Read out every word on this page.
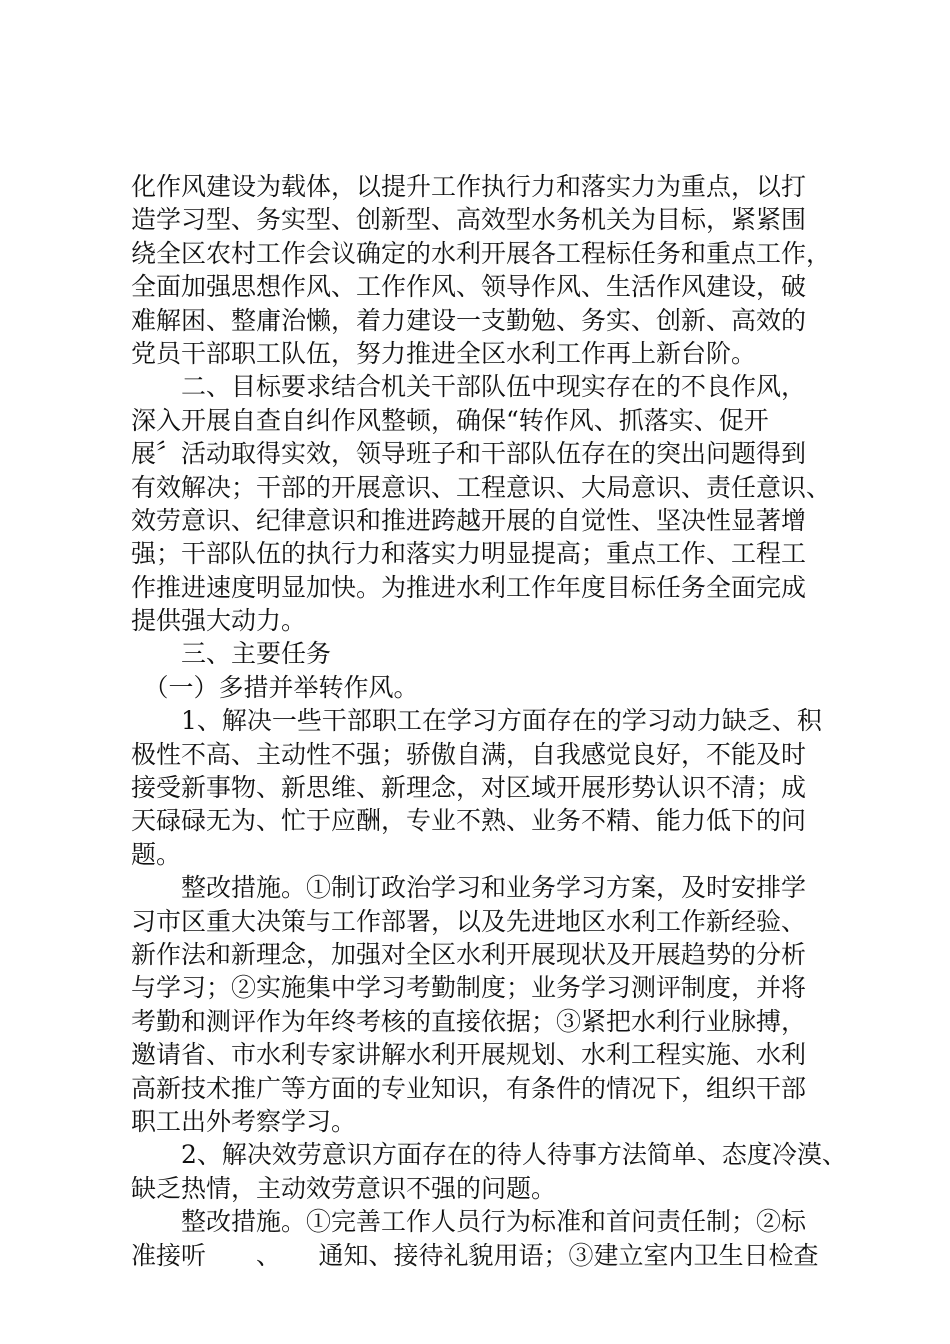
化作风建设为载体，以提升工作执行力和落实力为重点，以打
造学习型、务实型、创新型、高效型水务机关为目标，紧紧围
绕全区农村工作会议确定的水利开展各工程标任务和重点工作，
全面加强思想作风、工作作风、领导作风、生活作风建设，破
难解困、整庸治懒，着力建设一支勤勉、务实、创新、高效的
党员干部职工队伍，努力推进全区水利工作再上新台阶。
　　二、目标要求结合机关干部队伍中现实存在的不良作风，
深入开展自查自纠作风整顿，确保“转作风、抓落实、促开
展〞活动取得实效，领导班子和干部队伍存在的突出问题得到
有效解决；干部的开展意识、工程意识、大局意识、责任意识、
效劳意识、纪律意识和推进跨越开展的自觉性、坚决性显著增
强；干部队伍的执行力和落实力明显提高；重点工作、工程工
作推进速度明显加快。为推进水利工作年度目标任务全面完成
提供强大动力。
　　三、主要任务
　（一）多措并举转作风。
　　1、解决一些干部职工在学习方面存在的学习动力缺乏、积
极性不高、主动性不强；骄傲自满，自我感觉良好，不能及时
接受新事物、新思维、新理念，对区域开展形势认识不清；成
天碌碌无为、忙于应酬，专业不熟、业务不精、能力低下的问
题。
　　整改措施。①制订政治学习和业务学习方案，及时安排学
习市区重大决策与工作部署，以及先进地区水利工作新经验、
新作法和新理念，加强对全区水利开展现状及开展趋势的分析
与学习；②实施集中学习考勤制度；业务学习测评制度，并将
考勤和测评作为年终考核的直接依据；③紧把水利行业脉搏，
邀请省、市水利专家讲解水利开展规划、水利工程实施、水利
高新技术推广等方面的专业知识，有条件的情况下，组织干部
职工出外考察学习。
　　2、解决效劳意识方面存在的待人待事方法简单、态度冷漠、
缺乏热情，主动效劳意识不强的问题。
　　整改措施。①完善工作人员行为标准和首问责任制；②标
准接听　　、　　通知、接待礼貌用语；③建立室内卫生日检查
